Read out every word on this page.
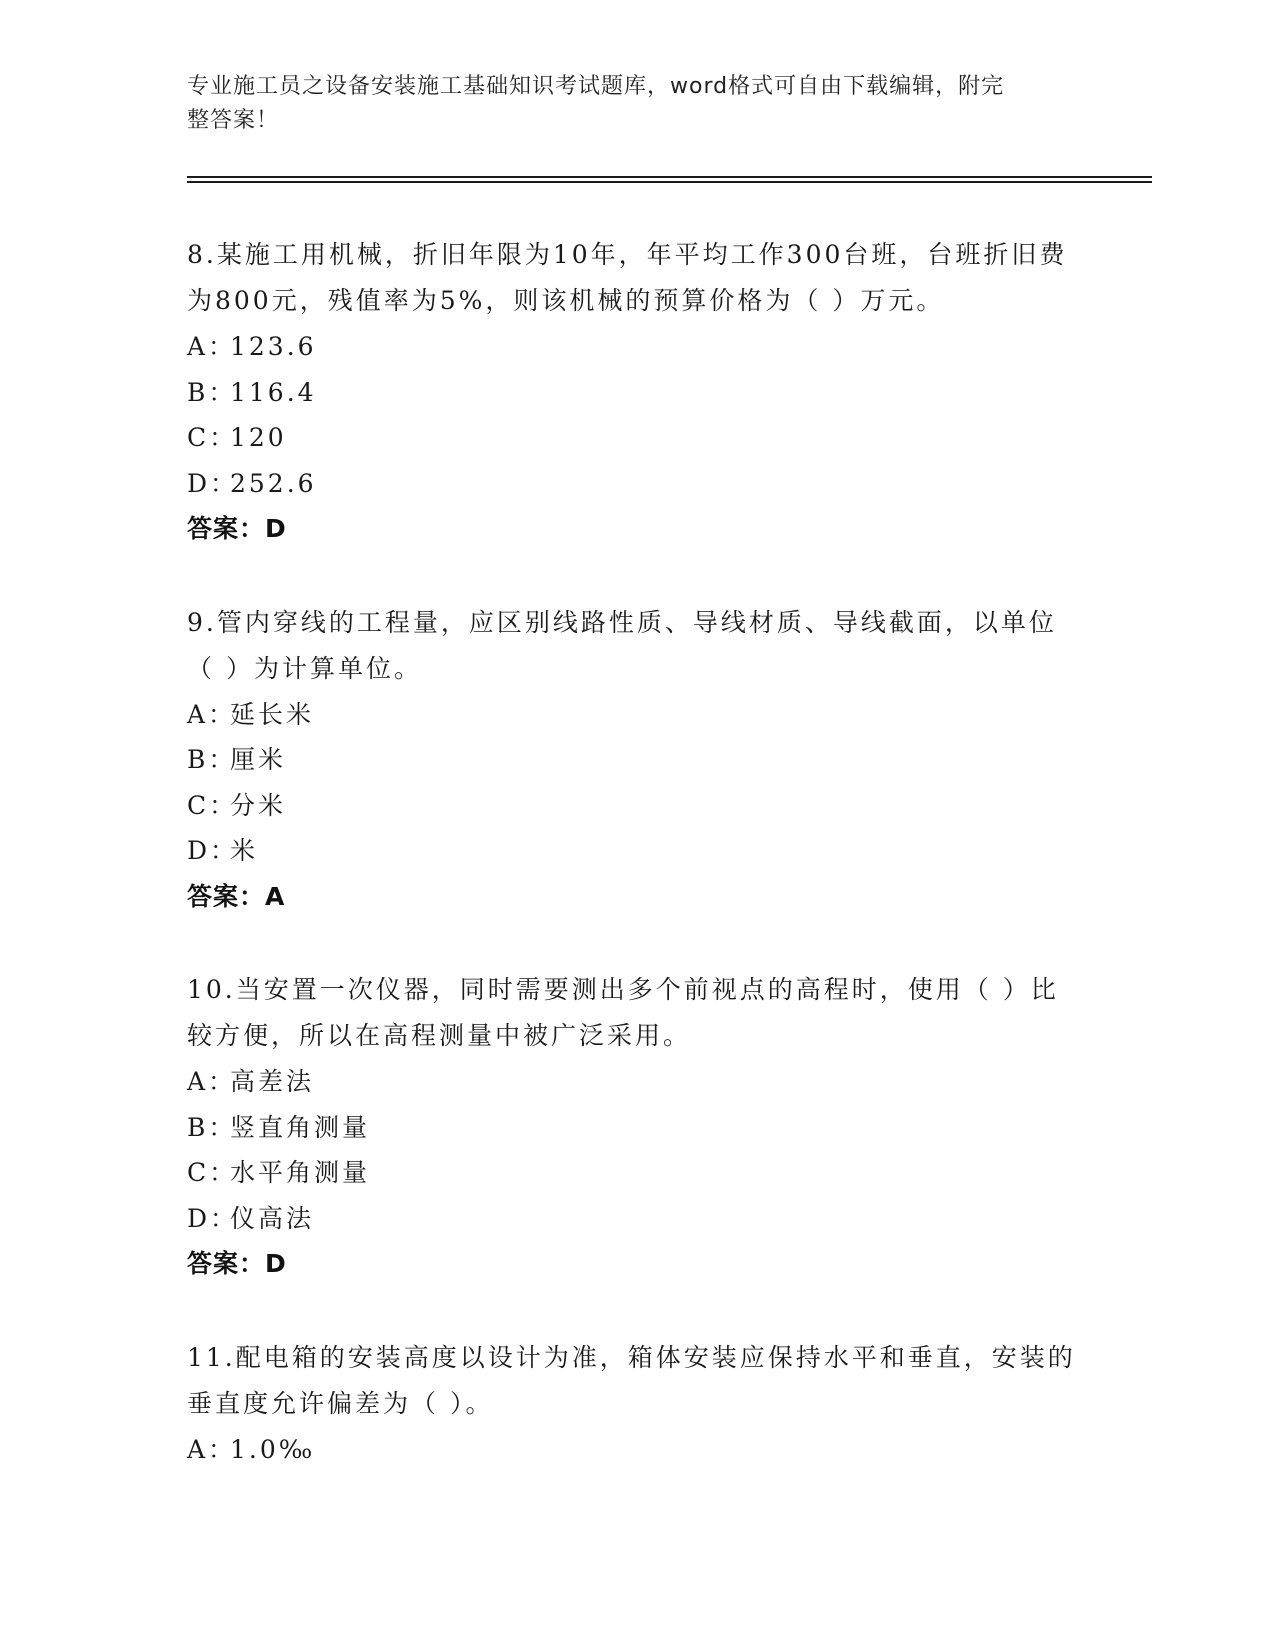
专业施工员之设备安装施工基础知识考试题库，word格式可自由下载编辑，附完
整答案！
8.某施工用机械，折旧年限为10年，年平均工作300台班，台班折旧费为800元，残值率为5%，则该机械的预算价格为（ ）万元。
A：123.6
B：116.4
C：120
D：252.6
答案：D
9.管内穿线的工程量，应区别线路性质、导线材质、导线截面，以单位（ ）为计算单位。
A：延长米
B：厘米
C：分米
D：米
答案：A
10.当安置一次仪器，同时需要测出多个前视点的高程时，使用（ ）比较方便，所以在高程测量中被广泛采用。
A：高差法
B：竖直角测量
C：水平角测量
D：仪高法
答案：D
11.配电箱的安装高度以设计为准，箱体安装应保持水平和垂直，安装的垂直度允许偏差为（ ）。
A：1.0‰
